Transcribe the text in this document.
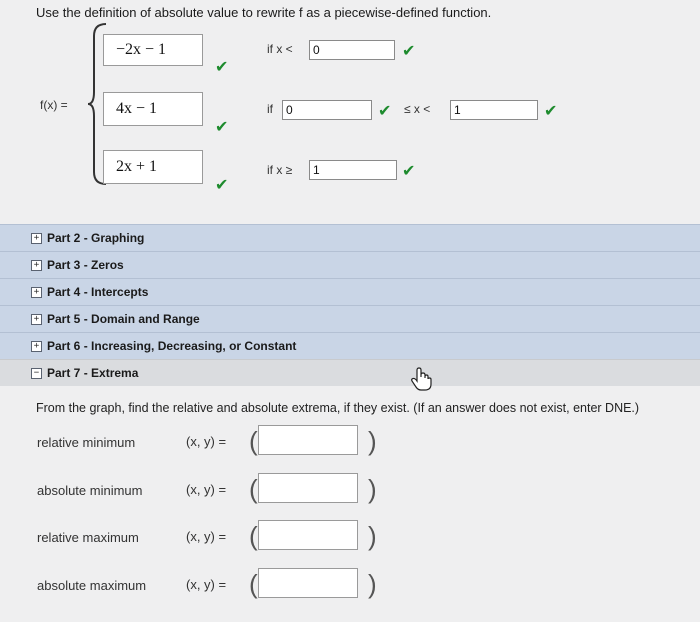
Use the definition of absolute value to rewrite f as a piecewise-defined function.
f(x) =
−2x − 1
✔
if x <	0	✔
4x − 1
✔
if	0	✔ ≤ x <	1	✔
2x + 1
✔
if x ≥	1	✔
+ Part 2 - Graphing
+ Part 3 - Zeros
+ Part 4 - Intercepts
+ Part 5 - Domain and Range
+ Part 6 - Increasing, Decreasing, or Constant
− Part 7 - Extrema
From the graph, find the relative and absolute extrema, if they exist. (If an answer does not exist, enter DNE.)
relative minimum	(x, y) = (	)
absolute minimum	(x, y) = (	)
relative maximum	(x, y) = (	)
absolute maximum	(x, y) = (	)
